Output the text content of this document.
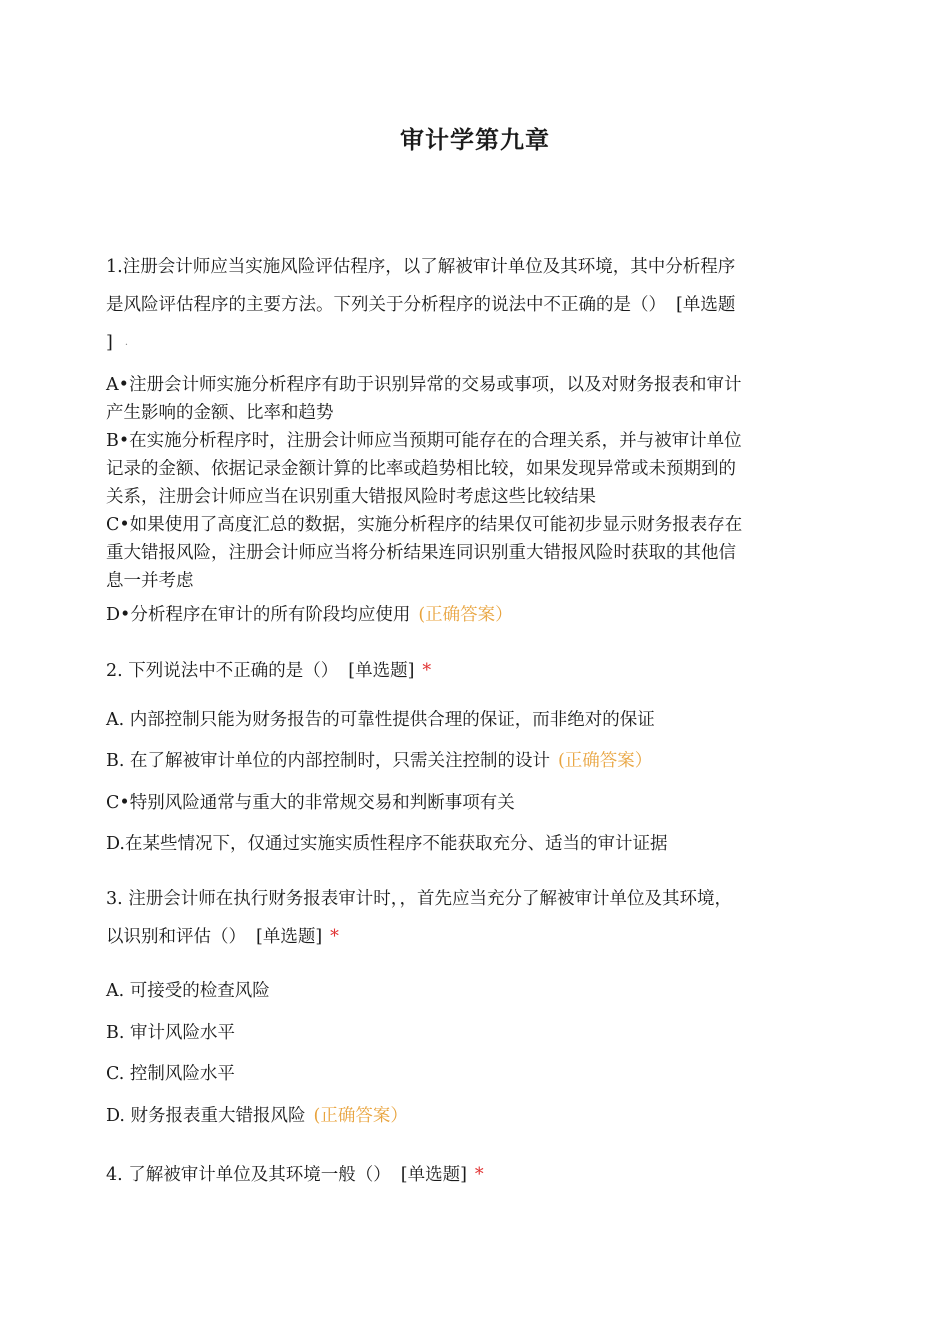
审计学第九章

1.注册会计师应当实施风险评估程序，以了解被审计单位及其环境，其中分析程序

是风险评估程序的主要方法。下列关于分析程序的说法中不正确的是（） [单选题

] ·

A•注册会计师实施分析程序有助于识别异常的交易或事项，以及对财务报表和审计

产生影响的金额、比率和趋势

B•在实施分析程序时，注册会计师应当预期可能存在的合理关系，并与被审计单位

记录的金额、依据记录金额计算的比率或趋势相比较，如果发现异常或未预期到的

关系，注册会计师应当在识别重大错报风险时考虑这些比较结果

C•如果使用了高度汇总的数据，实施分析程序的结果仅可能初步显示财务报表存在

重大错报风险，注册会计师应当将分析结果连同识别重大错报风险时获取的其他信

息一并考虑

D•分析程序在审计的所有阶段均应使用 (正确答案）

2. 下列说法中不正确的是（） [单选题] *

A. 内部控制只能为财务报告的可靠性提供合理的保证，而非绝对的保证

B. 在了解被审计单位的内部控制时，只需关注控制的设计 (正确答案）

C•特别风险通常与重大的非常规交易和判断事项有关

D.在某些情况下，仅通过实施实质性程序不能获取充分、适当的审计证据

3. 注册会计师在执行财务报表审计时，，首先应当充分了解被审计单位及其环境，

以识别和评估（） [单选题] *

A. 可接受的检查风险

B. 审计风险水平

C. 控制风险水平

D. 财务报表重大错报风险 (正确答案）

4. 了解被审计单位及其环境一般（） [单选题] *
